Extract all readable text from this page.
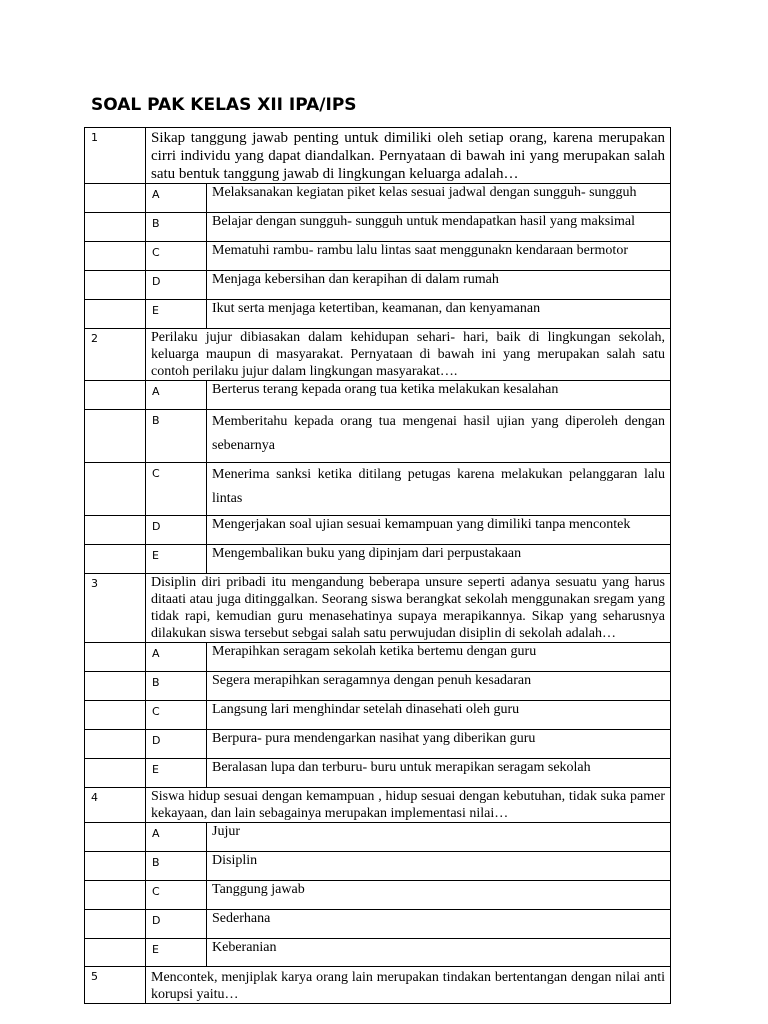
SOAL PAK KELAS XII IPA/IPS
1	Sikap tanggung jawab penting untuk dimiliki oleh setiap orang, karena merupakan cirri individu yang dapat diandalkan. Pernyataan di bawah ini yang merupakan salah satu bentuk tanggung jawab di lingkungan keluarga adalah…	
	A	Melaksanakan kegiatan piket kelas sesuai jadwal dengan sungguh- sungguh
	B	Belajar dengan sungguh- sungguh untuk mendapatkan hasil yang maksimal
	C	Mematuhi rambu- rambu lalu lintas saat menggunakn kendaraan bermotor
	D	Menjaga kebersihan dan kerapihan di dalam rumah
	E	Ikut serta menjaga ketertiban, keamanan, dan kenyamanan
2	Perilaku jujur dibiasakan dalam kehidupan sehari- hari, baik di lingkungan sekolah, keluarga maupun di masyarakat. Pernyataan di bawah ini yang merupakan salah satu contoh perilaku jujur dalam lingkungan masyarakat….	
	A	Berterus terang kepada orang tua ketika melakukan kesalahan
	B	Memberitahu kepada orang tua mengenai hasil ujian yang diperoleh dengan sebenarnya
	C	Menerima sanksi ketika ditilang petugas karena melakukan pelanggaran lalu lintas
	D	Mengerjakan soal ujian sesuai kemampuan yang dimiliki tanpa mencontek
	E	Mengembalikan buku yang dipinjam dari perpustakaan
3	Disiplin diri pribadi itu mengandung beberapa unsure seperti adanya sesuatu yang harus ditaati atau juga ditinggalkan. Seorang siswa berangkat sekolah menggunakan sregam yang tidak rapi, kemudian guru menasehatinya supaya merapikannya. Sikap yang seharusnya dilakukan siswa tersebut sebgai salah satu perwujudan disiplin di sekolah adalah…	
	A	Merapihkan seragam sekolah ketika bertemu dengan guru
	B	Segera merapihkan seragamnya dengan penuh kesadaran
	C	Langsung lari menghindar setelah dinasehati oleh guru
	D	Berpura- pura mendengarkan nasihat yang diberikan guru
	E	Beralasan lupa dan terburu- buru untuk merapikan seragam sekolah
4	Siswa hidup sesuai dengan kemampuan , hidup sesuai dengan kebutuhan, tidak suka pamer kekayaan, dan lain sebagainya merupakan implementasi nilai…	
	A	Jujur
	B	Disiplin
	C	Tanggung jawab
	D	Sederhana
	E	Keberanian
5	Mencontek, menjiplak karya orang lain merupakan tindakan bertentangan dengan nilai anti korupsi yaitu…	
